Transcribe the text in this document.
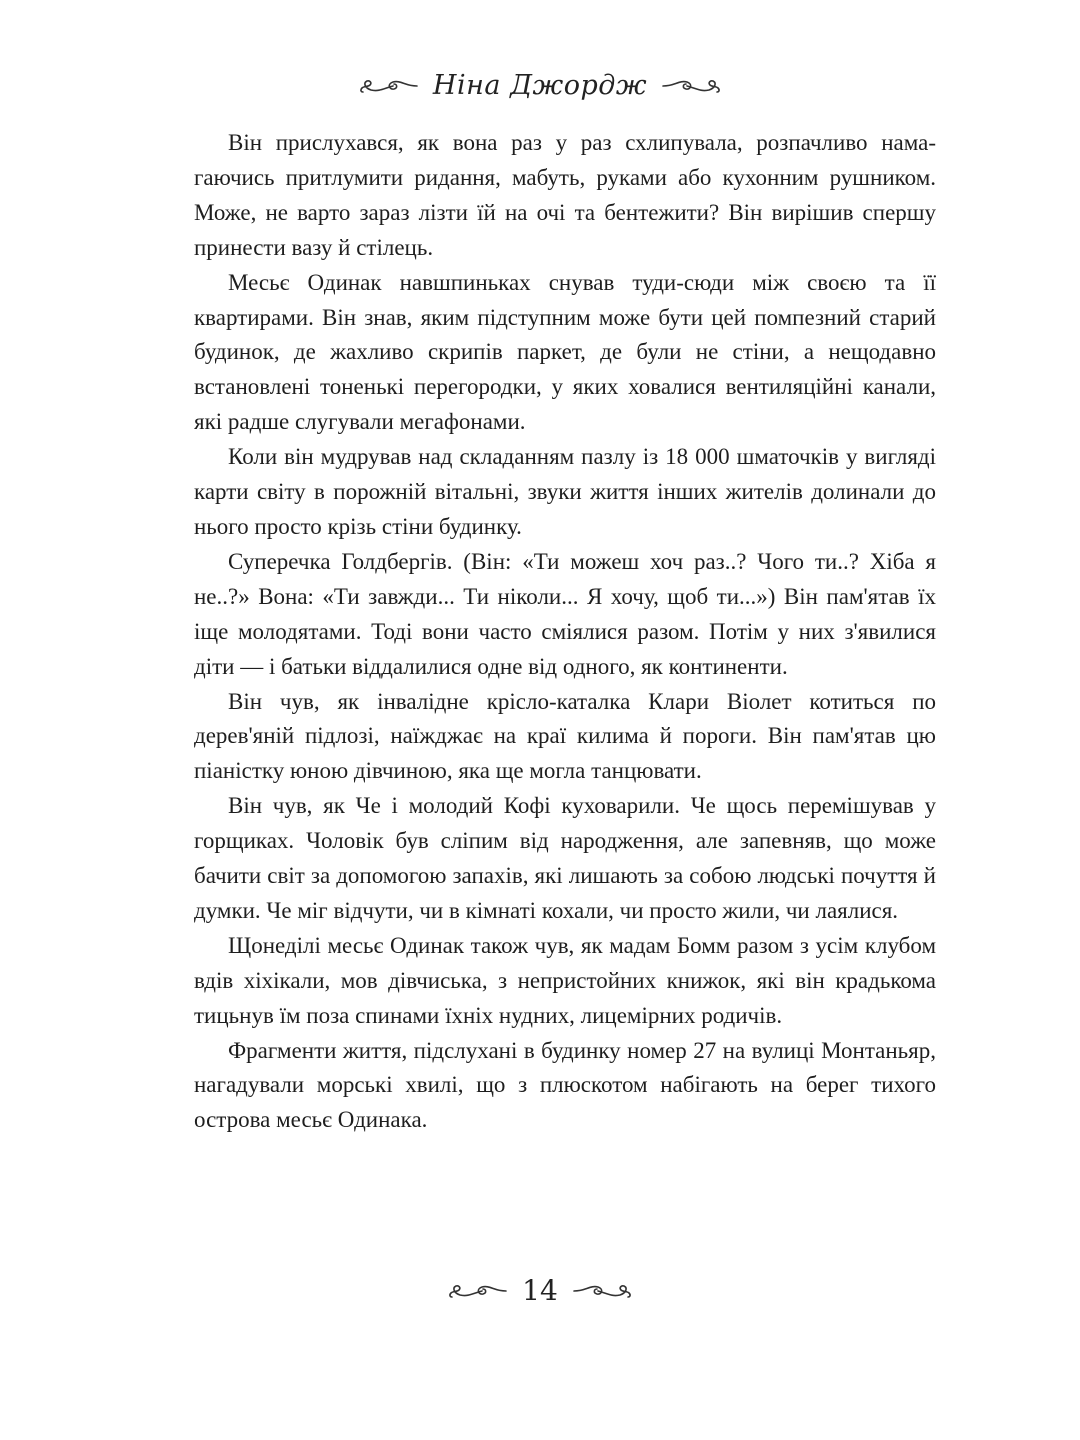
Ніна Джордж

Він прислухався, як вона раз у раз схлипувала, розпачливо намагаючись притлумити ридання, мабуть, руками або кухонним рушником. Може, не варто зараз лізти їй на очі та бентежити? Він вирішив спершу принести вазу й стілець.

Месьє Одинак навшпиньках снував туди-сюди між своєю та її квартирами. Він знав, яким підступним може бути цей помпезний старий будинок, де жахливо скрипів паркет, де були не стіни, а нещодавно встановлені тоненькі перегородки, у яких ховалися вентиляційні канали, які радше слугували мегафонами.

Коли він мудрував над складанням пазлу із 18 000 шматочків у вигляді карти світу в порожній вітальні, звуки життя інших жителів долинали до нього просто крізь стіни будинку.

Суперечка Голдбергів. (Він: «Ти можеш хоч раз..? Чого ти..? Хіба я не..?» Вона: «Ти завжди... Ти ніколи... Я хочу, щоб ти...») Він пам'ятав їх іще молодятами. Тоді вони часто сміялися разом. Потім у них з'явилися діти — і батьки віддалилися одне від одного, як континенти.

Він чув, як інвалідне крісло-каталка Клари Віолет котиться по дерев'яній підлозі, наїжджає на краї килима й пороги. Він пам'ятав цю піаністку юною дівчиною, яка ще могла танцювати.

Він чув, як Че і молодий Кофі куховарили. Че щось перемішував у горщиках. Чоловік був сліпим від народження, але запевняв, що може бачити світ за допомогою запахів, які лишають за собою людські почуття й думки. Че міг відчути, чи в кімнаті кохали, чи просто жили, чи лаялися.

Щонеділі месьє Одинак також чув, як мадам Бомм разом з усім клубом вдів хіхікали, мов дівчиська, з непристойних книжок, які він крадькома тицьнув їм поза спинами їхніх нудних, лицемірних родичів.

Фрагменти життя, підслухані в будинку номер 27 на вулиці Монтаньяр, нагадували морські хвилі, що з плюскотом набігають на берег тихого острова месьє Одинака.

14
